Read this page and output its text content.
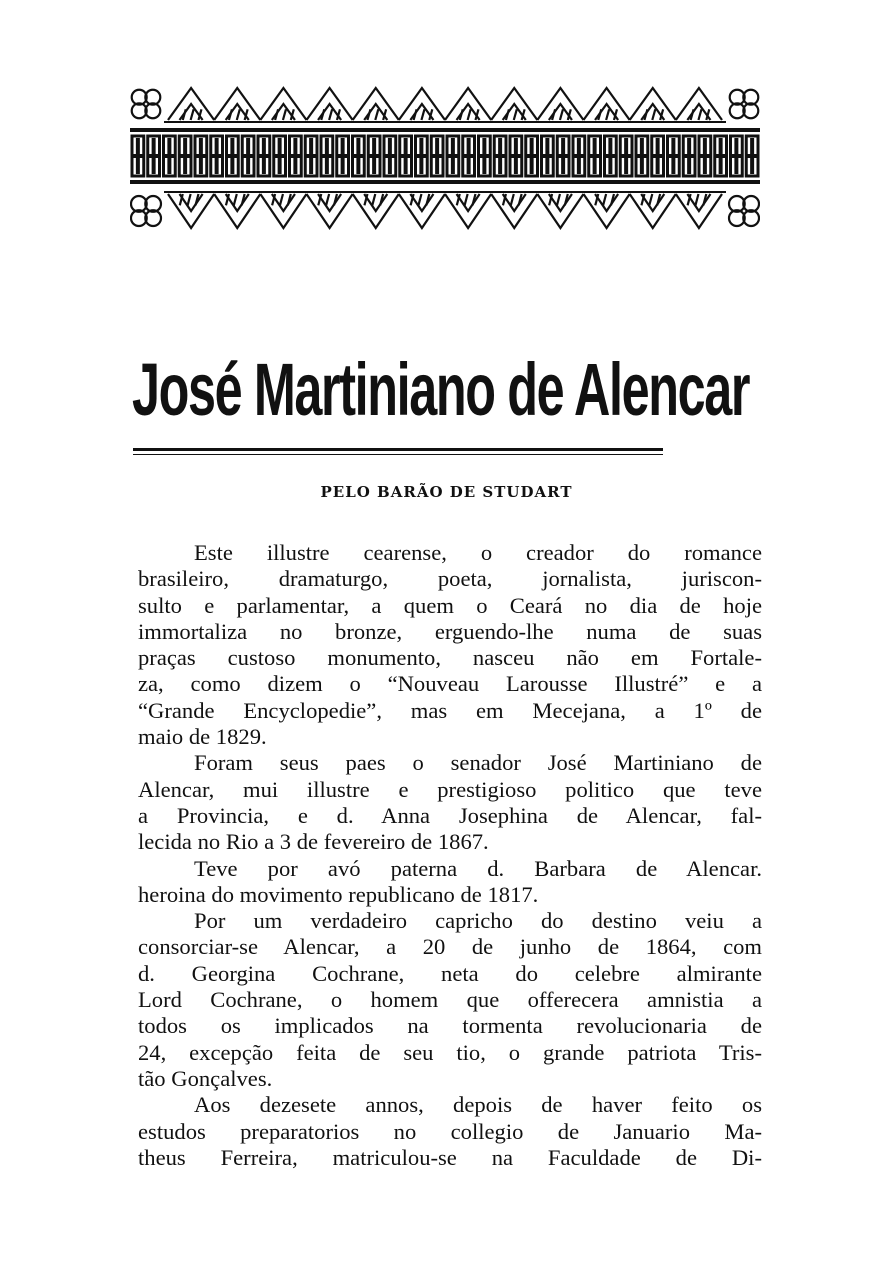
José Martiniano de Alencar
PELO BARÃO DE STUDART
Este illustre cearense, o creador do romance
brasileiro, dramaturgo, poeta, jornalista, juriscon-
sulto e parlamentar, a quem o Ceará no dia de hoje
immortaliza no bronze, erguendo-lhe numa de suas
praças custoso monumento, nasceu não em Fortale-
za, como dizem o “Nouveau Larousse Illustré” e a
“Grande Encyclopedie”, mas em Mecejana, a 1º de
maio de 1829.
Foram seus paes o senador José Martiniano de
Alencar, mui illustre e prestigioso politico que teve
a Provincia, e d. Anna Josephina de Alencar, fal-
lecida no Rio a 3 de fevereiro de 1867.
Teve por avó paterna d. Barbara de Alencar.
heroina do movimento republicano de 1817.
Por um verdadeiro capricho do destino veiu a
consorciar-se Alencar, a 20 de junho de 1864, com
d. Georgina Cochrane, neta do celebre almirante
Lord Cochrane, o homem que offerecera amnistia a
todos os implicados na tormenta revolucionaria de
24, excepção feita de seu tio, o grande patriota Tris-
tão Gonçalves.
Aos dezesete annos, depois de haver feito os
estudos preparatorios no collegio de Januario Ma-
theus Ferreira, matriculou-se na Faculdade de Di-
